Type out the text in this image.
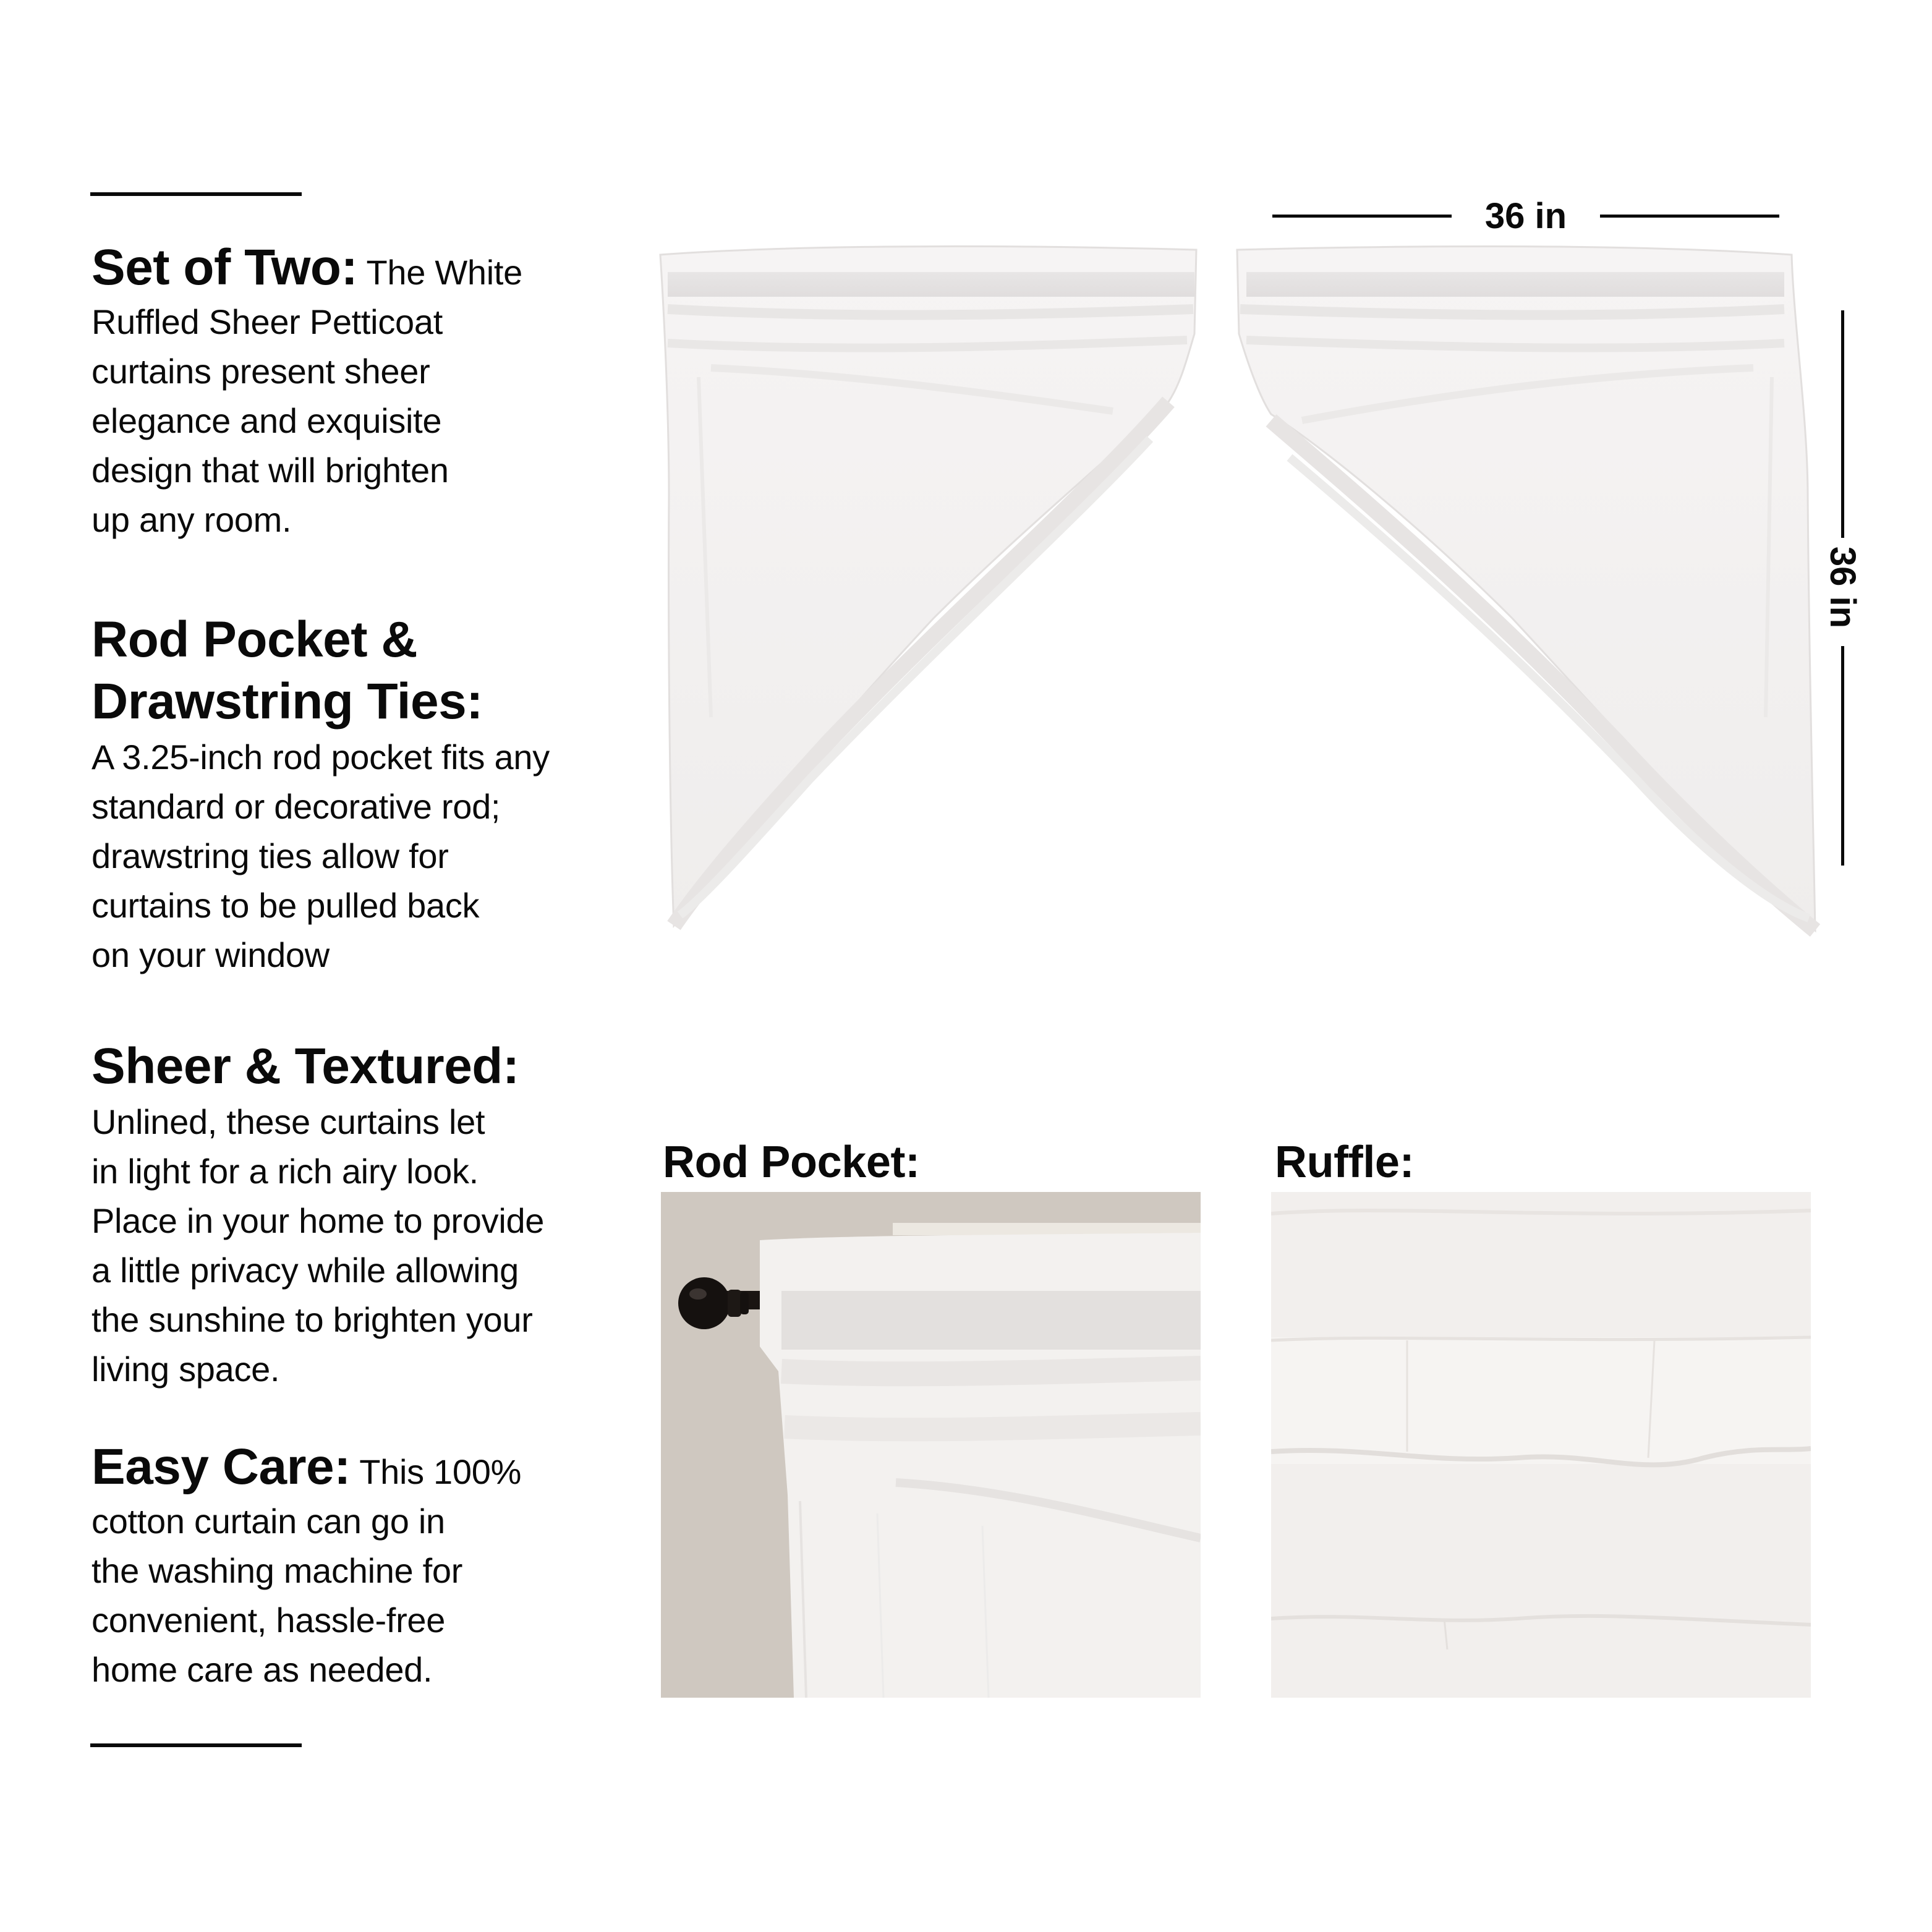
Set of Two: The White
Ruffled Sheer Petticoat
curtains present sheer
elegance and exquisite
design that will brighten
up any room.
Rod Pocket &
Drawstring Ties:
A 3.25-inch rod pocket fits any
standard or decorative rod;
drawstring ties allow for
curtains to be pulled back
on your window
Sheer & Textured:
Unlined, these curtains let
in light for a rich airy look.
Place in your home to provide
a little privacy while allowing
the sunshine to brighten your
living space.
Easy Care: This 100%
cotton curtain can go in
the washing machine for
convenient, hassle-free
home care as needed.
36 in
36 in
Rod Pocket:	Ruffle:
